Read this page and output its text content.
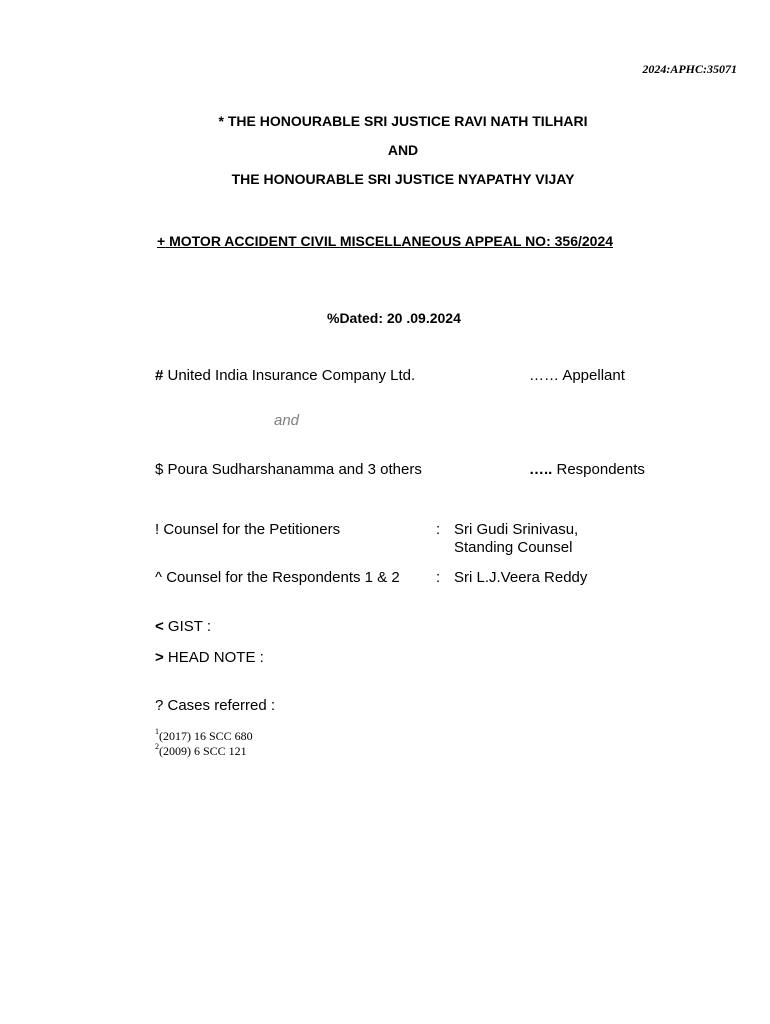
2024:APHC:35071
* THE HONOURABLE SRI JUSTICE RAVI NATH TILHARI
AND
THE HONOURABLE SRI JUSTICE NYAPATHY VIJAY
+ MOTOR ACCIDENT CIVIL MISCELLANEOUS APPEAL NO: 356/2024
%Dated: 20 .09.2024
# United India Insurance Company Ltd.	…… Appellant
and
$ Poura Sudharshanamma and 3 others	….. Respondents
! Counsel for the Petitioners	: Sri Gudi Srinivasu,
Standing Counsel
^ Counsel for the Respondents 1 & 2 : Sri L.J.Veera Reddy
< GIST :
> HEAD NOTE :
? Cases referred :
$^1$(2017) 16 SCC 680
$^2$(2009) 6 SCC 121
